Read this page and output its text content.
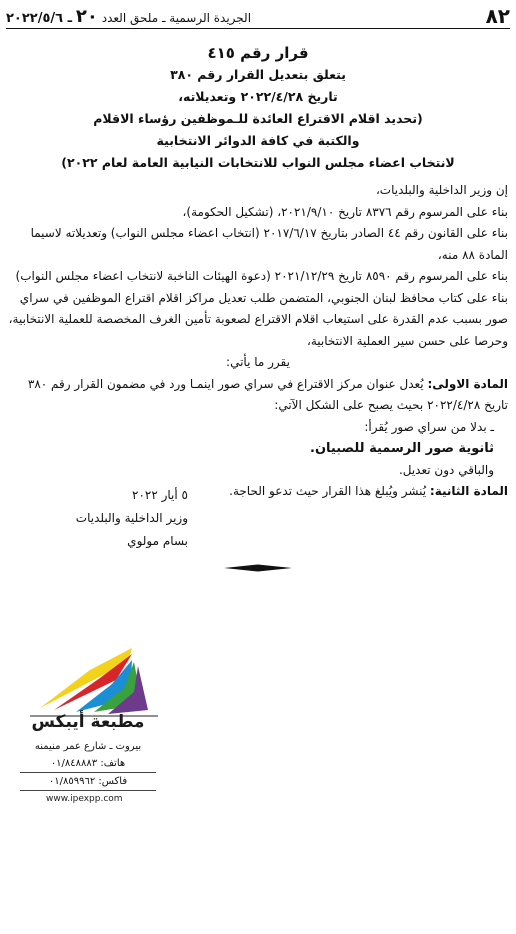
٨٢
الجريدة الرسمية ـ ملحق العدد ٢٠ ـ ٢٠٢٢/٥/٦
قرار رقم ٤١٥
يتعلق بتعديل القرار رقم ٣٨٠
تاريخ ٢٠٢٢/٤/٢٨ وتعديلاته،
(تحديد اقلام الاقتراع العائدة للـموظفين رؤساء الاقلام
والكتبة في كافة الدوائر الانتخابية
لانتخاب اعضاء مجلس النواب للانتخابات النيابية العامة لعام ٢٠٢٢)

إن وزير الداخلية والبلديات،

بناء على المرسوم رقم ٨٣٧٦ تاريخ ٢٠٢١/٩/١٠، (تشكيل الحكومة)،

بناء على القانون رقم ٤٤ الصادر بتاريخ ٢٠١٧/٦/١٧ (انتخاب اعضاء مجلس النواب) وتعديلاته لاسيما المادة ٨٨ منه،

بناء على المرسوم رقم ٨٥٩٠ تاريخ ٢٠٢١/١٢/٢٩ (دعوة الهيئات الناخبة لانتخاب اعضاء مجلس النواب)

بناء على كتاب محافظ لبنان الجنوبي، المتضمن طلب تعديل مراكز اقلام اقتراع الموظفين في سراي صور بسبب عدم القدرة على استيعاب اقلام الاقتراع لصعوبة تأمين الغرف المخصصة للعملية الانتخابية،

وحرصا على حسن سير العملية الانتخابية،

يقرر ما يأتي:

المادة الاولى: يُعدل عنوان مركز الاقتراع في سراي صور اينمـا ورد في مضمون القرار رقم ٣٨٠ تاريخ ٢٠٢٢/٤/٢٨ بحيث يصبح على الشكل الآتي:

ـ بدلا من سراي صور يُقرأ:

ثانوية صور الرسمية للصبيان.

والباقي دون تعديل.

المادة الثانية: يُنشر ويُبلغ هذا القرار حيث تدعو الحاجة.

٥ أيار ٢٠٢٢
وزير الداخلية والبلديات
بسام مولوي
مطبعة أيبكس
بيروت ـ شارع عمر منيمنه
هاتف: ٠١/٨٤٨٨٨٣
فاكس: ٠١/٨٥٩٩٦٢
www.ipexpp.com
